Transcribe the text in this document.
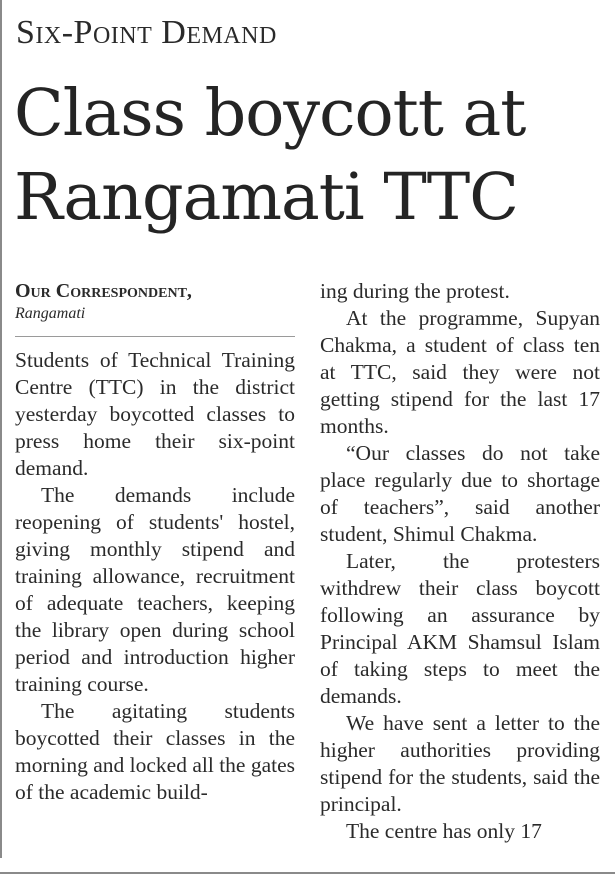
Six-Point Demand
Class boycott at Rangamati TTC
Our Correspondent,
Rangamati

Students of Technical Training Centre (TTC) in the district yesterday boycotted classes to press home their six-point demand.

The demands include reopening of students' hostel, giving monthly stipend and training allowance, recruitment of adequate teachers, keeping the library open during school period and introduction higher training course.

The agitating students boycotted their classes in the morning and locked all the gates of the academic build-

ing during the protest.

At the programme, Supyan Chakma, a student of class ten at TTC, said they were not getting stipend for the last 17 months.

“Our classes do not take place regularly due to shortage of teachers”, said another student, Shimul Chakma.

Later, the protesters withdrew their class boycott following an assurance by Principal AKM Shamsul Islam of taking steps to meet the demands.

We have sent a letter to the higher authorities providing stipend for the students, said the principal.

The centre has only 17
